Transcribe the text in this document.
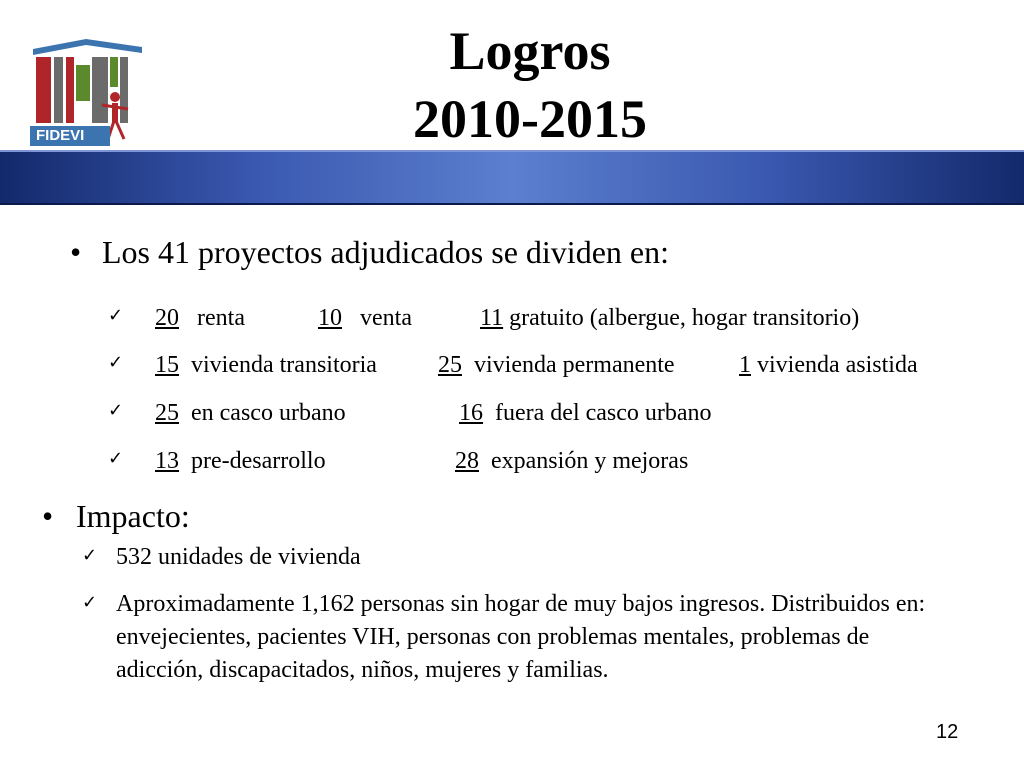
FIDEVI
Logros
2010-2015
• Los 41 proyectos adjudicados se dividen en:
✓	20 renta	10 venta	11 gratuito (albergue, hogar transitorio)
✓	15 vivienda transitoria	25 vivienda permanente	1 vivienda asistida
✓	25 en casco urbano	16 fuera del casco urbano
✓	13 pre-desarrollo	28 expansión y mejoras
• Impacto:
✓ 532 unidades de vivienda
✓ Aproximadamente 1,162 personas sin hogar de muy bajos ingresos. Distribuidos en: envejecientes, pacientes VIH, personas con problemas mentales, problemas de adicción, discapacitados, niños, mujeres y familias.
12
